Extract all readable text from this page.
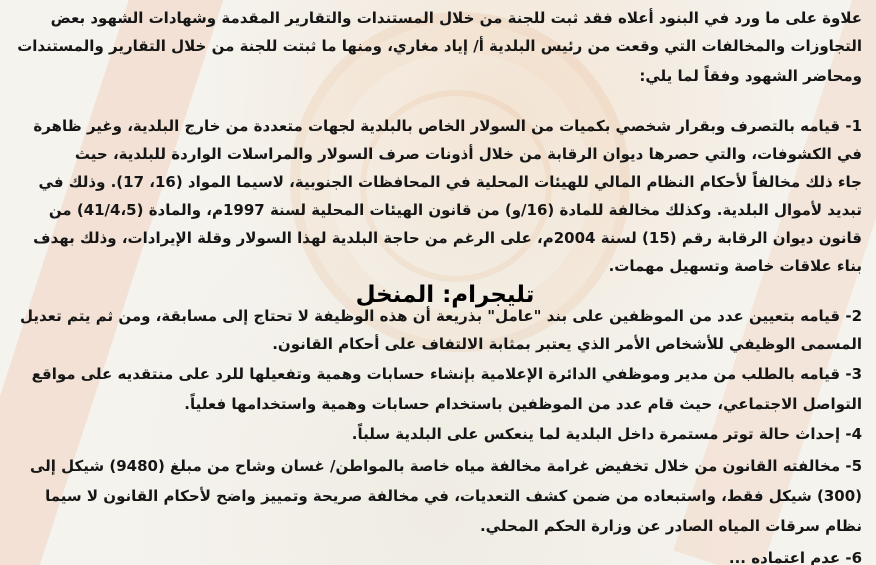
علاوة على ما ورد في البنود أعلاه فقد ثبت للجنة من خلال المستندات والتقارير المقدمة وشهادات الشهود بعض
التجاوزات والمخالفات التي وقعت من رئيس البلدية أ/ إياد مغاري، ومنها ما ثبتت للجنة من خلال التقارير والمستندات
ومحاضر الشهود وفقاً لما يلي:
1- قيامه بالتصرف وبقرار شخصي بكميات من السولار الخاص بالبلدية لجهات متعددة من خارج البلدية، وغير ظاهرة
في الكشوفات، والتي حصرها ديوان الرقابة من خلال أذونات صرف السولار والمراسلات الواردة للبلدية، حيث
جاء ذلك مخالفاً لأحكام النظام المالي للهيئات المحلية في المحافظات الجنوبية، لاسيما المواد (16، 17). وذلك في
تبديد لأموال البلدية. وكذلك مخالفة للمادة (16/و) من قانون الهيئات المحلية لسنة 1997م، والمادة (41/4،5) من
قانون ديوان الرقابة رقم (15) لسنة 2004م، على الرغم من حاجة البلدية لهذا السولار وقلة الإيرادات، وذلك بهدف
بناء علاقات خاصة وتسهيل مهمات.
2- قيامه بتعيين عدد من الموظفين على بند "عامل" بذريعة أن هذه الوظيفة لا تحتاج إلى مسابقة، ومن ثم يتم تعديل
المسمى الوظيفي للأشخاص الأمر الذي يعتبر بمثابة الالتفاف على أحكام القانون.
3- قيامه بالطلب من مدير وموظفي الدائرة الإعلامية بإنشاء حسابات وهمية وتفعيلها للرد على منتقديه على مواقع
التواصل الاجتماعي، حيث قام عدد من الموظفين باستخدام حسابات وهمية واستخدامها فعلياً.
4- إحداث حالة توتر مستمرة داخل البلدية لما ينعكس على البلدية سلباً.
5- مخالفته القانون من خلال تخفيض غرامة مخالفة مياه خاصة بالمواطن/ غسان وشاح من مبلغ (9480) شيكل إلى
(300) شيكل فقط، واستبعاده من ضمن كشف التعديات، في مخالفة صريحة وتمييز واضح لأحكام القانون لا سيما
نظام سرقات المياه الصادر عن وزارة الحكم المحلي.
6- عدم اعتماده ...
تليجرام: المنخل
